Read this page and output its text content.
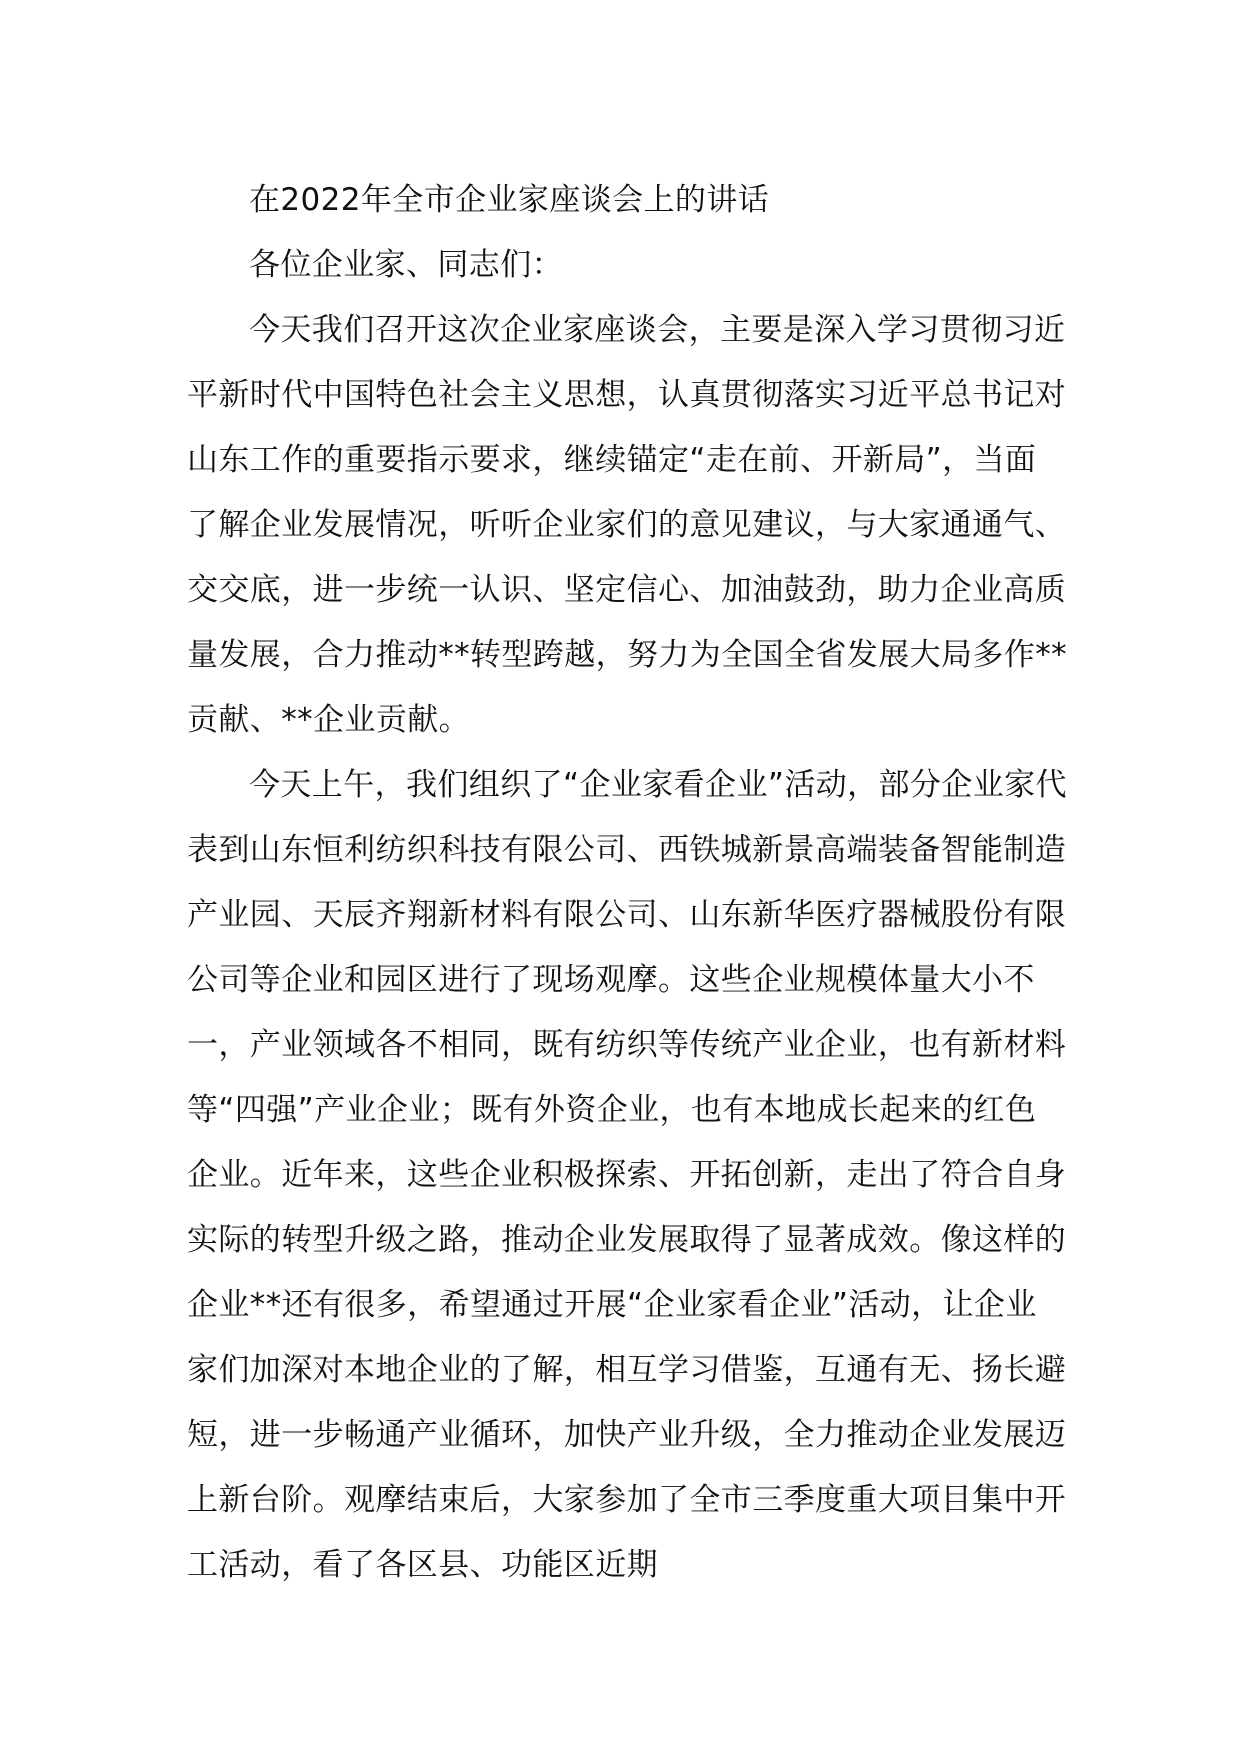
在2022年全市企业家座谈会上的讲话

各位企业家、同志们：

今天我们召开这次企业家座谈会，主要是深入学习贯彻习近平新时代中国特色社会主义思想，认真贯彻落实习近平总书记对山东工作的重要指示要求，继续锚定“走在前、开新局”，当面了解企业发展情况，听听企业家们的意见建议，与大家通通气、交交底，进一步统一认识、坚定信心、加油鼓劲，助力企业高质量发展，合力推动**转型跨越，努力为全国全省发展大局多作**贡献、**企业贡献。

今天上午，我们组织了“企业家看企业”活动，部分企业家代表到山东恒利纺织科技有限公司、西铁城新景高端装备智能制造产业园、天辰齐翔新材料有限公司、山东新华医疗器械股份有限公司等企业和园区进行了现场观摩。这些企业规模体量大小不一，产业领域各不相同，既有纺织等传统产业企业，也有新材料等“四强”产业企业；既有外资企业，也有本地成长起来的红色企业。近年来，这些企业积极探索、开拓创新，走出了符合自身实际的转型升级之路，推动企业发展取得了显著成效。像这样的企业**还有很多，希望通过开展“企业家看企业”活动，让企业家们加深对本地企业的了解，相互学习借鉴，互通有无、扬长避短，进一步畅通产业循环，加快产业升级，全力推动企业发展迈上新台阶。观摩结束后，大家参加了全市三季度重大项目集中开工活动，看了各区县、功能区近期
